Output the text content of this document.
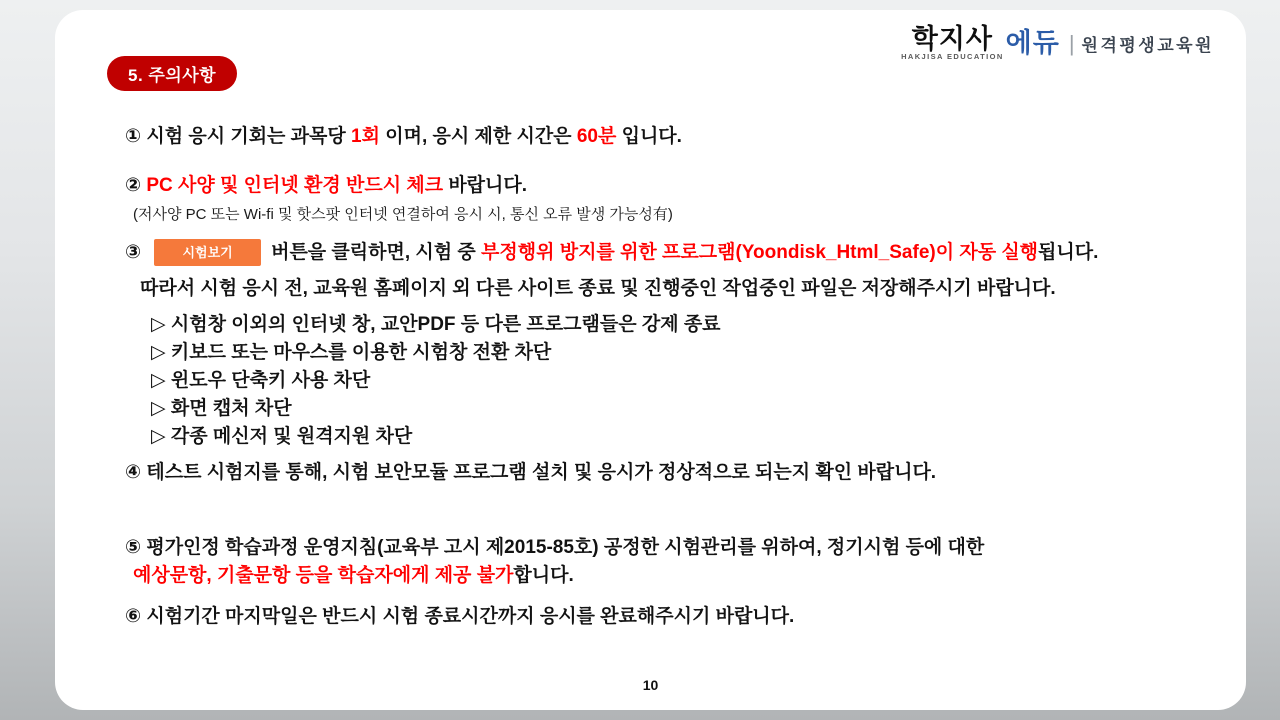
5. 주의사항
학지사
HAKJISA EDUCATION 에듀 | 원격평생교육원
① 시험 응시 기회는 과목당 1회 이며, 응시 제한 시간은 60분 입니다.
② PC 사양 및 인터넷 환경 반드시 체크 바랍니다.
(저사양 PC 또는 Wi-fi 및 핫스팟 인터넷 연결하여 응시 시, 통신 오류 발생 가능성有)
③	시험보기	버튼을 클릭하면, 시험 중 부정행위 방지를 위한 프로그램(Yoondisk_Html_Safe)이 자동 실행됩니다.
따라서 시험 응시 전, 교육원 홈페이지 외 다른 사이트 종료 및 진행중인 작업중인 파일은 저장해주시기 바랍니다.
▷ 시험창 이외의 인터넷 창, 교안PDF 등 다른 프로그램들은 강제 종료
▷ 키보드 또는 마우스를 이용한 시험창 전환 차단
▷ 윈도우 단축키 사용 차단
▷ 화면 캡처 차단
▷ 각종 메신저 및 원격지원 차단
④ 테스트 시험지를 통해, 시험 보안모듈 프로그램 설치 및 응시가 정상적으로 되는지 확인 바랍니다.
⑤ 평가인정 학습과정 운영지침(교육부 고시 제2015-85호) 공정한 시험관리를 위하여, 정기시험 등에 대한
예상문항, 기출문항 등을 학습자에게 제공 불가합니다.
⑥ 시험기간 마지막일은 반드시 시험 종료시간까지 응시를 완료해주시기 바랍니다.
10
